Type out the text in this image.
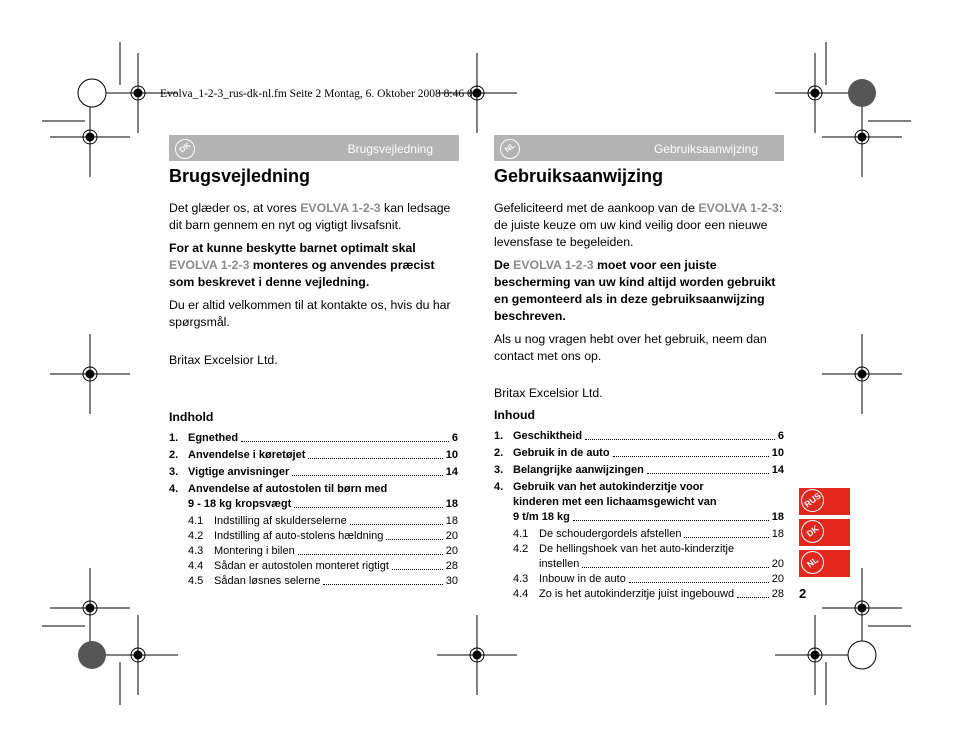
Evolva_1-2-3_rus-dk-nl.fm Seite 2 Montag, 6. Oktober 2008 8:46 08
DK	Brugsvejledning
Brugsvejledning

Det glæder os, at vores EVOLVA 1-2-3 kan ledsage dit barn gennem en nyt og vigtigt livsafsnit.

For at kunne beskytte barnet optimalt skal EVOLVA 1-2-3 monteres og anvendes præcist som beskrevet i denne vejledning.

Du er altid velkommen til at kontakte os, hvis du har spørgsmål.

Britax Excelsior Ltd.

Indhold
1. Egnethed	6
2. Anvendelse i køretøjet	10
3. Vigtige anvisninger	14
4. Anvendelse af autostolen til børn med
9 - 18 kg kropsvægt	18
4.1 Indstilling af skulderselerne	18
4.2 Indstilling af auto-stolens hældning	20
4.3 Montering i bilen	20
4.4 Sådan er autostolen monteret rigtigt	28
4.5 Sådan løsnes selerne	30
NL	Gebruiksaanwijzing
Gebruiksaanwijzing

Gefeliciteerd met de aankoop van de EVOLVA 1-2-3: de juiste keuze om uw kind veilig door een nieuwe levensfase te begeleiden.

De EVOLVA 1-2-3 moet voor een juiste bescherming van uw kind altijd worden gebruikt en gemonteerd als in deze gebruiksaanwijzing beschreven.

Als u nog vragen hebt over het gebruik, neem dan contact met ons op.

Britax Excelsior Ltd.

Inhoud
1. Geschiktheid	6
2. Gebruik in de auto	10
3. Belangrijke aanwijzingen	14
4. Gebruik van het autokinderzitje voor
kinderen met een lichaamsgewicht van
9 t/m 18 kg	18
4.1 De schoudergordels afstellen	18
4.2 De hellingshoek van het auto-kinderzitje
instellen	20
4.3 Inbouw in de auto	20
4.4 Zo is het autokinderzitje juist ingebouwd	28
RUS
DK
NL
2
